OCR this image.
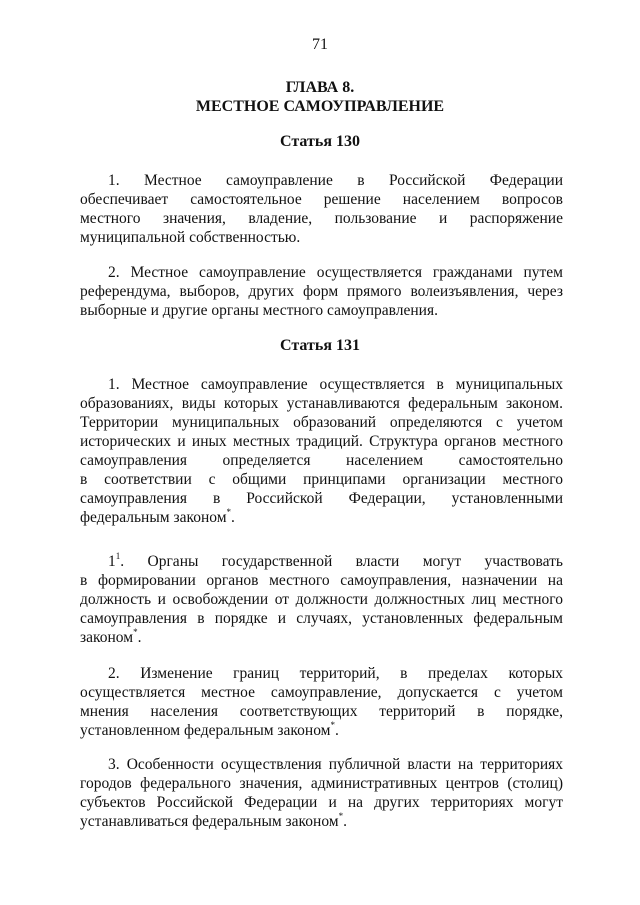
71
ГЛАВА 8.
МЕСТНОЕ САМОУПРАВЛЕНИЕ
Статья 130
1. Местное самоуправление в Российской Федерации
обеспечивает самостоятельное решение населением вопросов
местного значения, владение, пользование и распоряжение
муниципальной собственностью.
2. Местное самоуправление осуществляется гражданами путем
референдума, выборов, других форм прямого волеизъявления, через
выборные и другие органы местного самоуправления.
Статья 131
1. Местное самоуправление осуществляется в муниципальных
образованиях, виды которых устанавливаются федеральным законом.
Территории муниципальных образований определяются с учетом
исторических и иных местных традиций. Структура органов местного
самоуправления определяется населением самостоятельно
в соответствии с общими принципами организации местного
самоуправления в Российской Федерации, установленными
федеральным законом*.
$1^1$. Органы государственной власти могут участвовать
в формировании органов местного самоуправления, назначении на
должность и освобождении от должности должностных лиц местного
самоуправления в порядке и случаях, установленных федеральным
законом*.
2. Изменение границ территорий, в пределах которых
осуществляется местное самоуправление, допускается с учетом
мнения населения соответствующих территорий в порядке,
установленном федеральным законом*.
3. Особенности осуществления публичной власти на территориях
городов федерального значения, административных центров (столиц)
субъектов Российской Федерации и на других территориях могут
устанавливаться федеральным законом*.
